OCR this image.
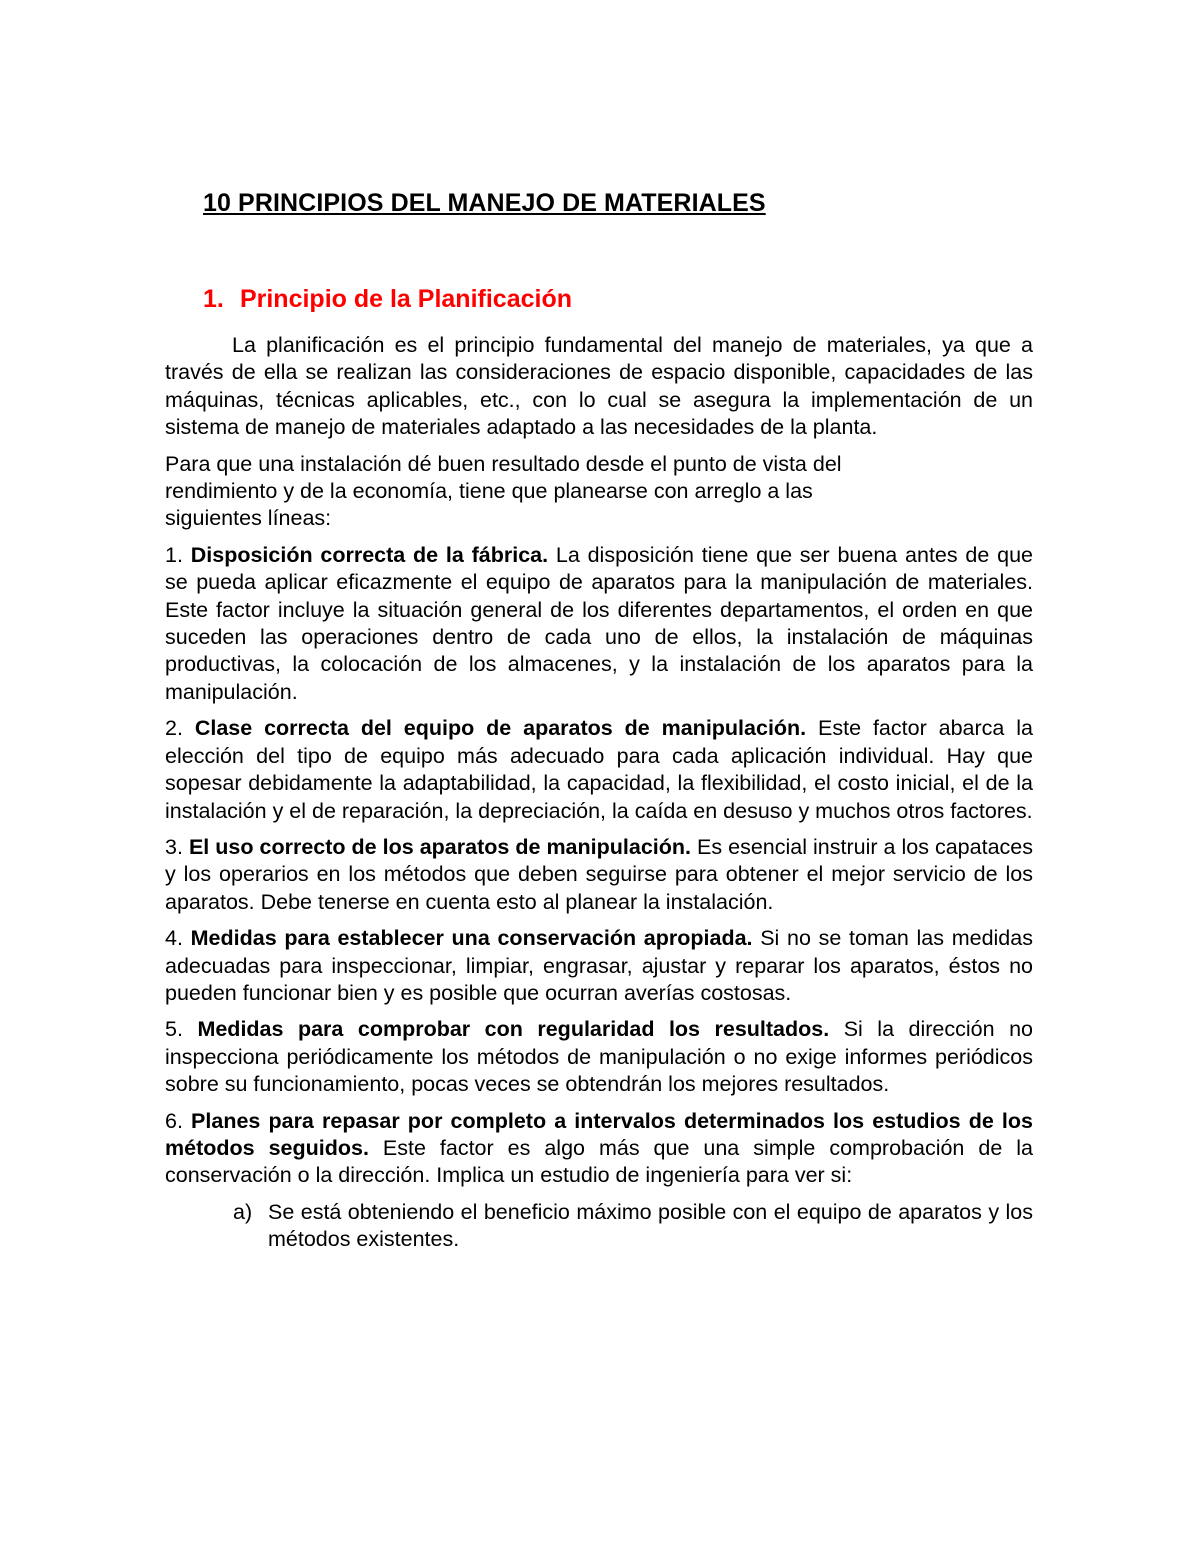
10 PRINCIPIOS DEL MANEJO DE MATERIALES
1. Principio de la Planificación

La planificación es el principio fundamental del manejo de materiales, ya que a través de ella se realizan las consideraciones de espacio disponible, capacidades de las máquinas, técnicas aplicables, etc., con lo cual se asegura la implementación de un sistema de manejo de materiales adaptado a las necesidades de la planta.

Para que una instalación dé buen resultado desde el punto de vista del rendimiento y de la economía, tiene que planearse con arreglo a las siguientes líneas:

1. Disposición correcta de la fábrica. La disposición tiene que ser buena antes de que se pueda aplicar eficazmente el equipo de aparatos para la manipulación de materiales. Este factor incluye la situación general de los diferentes departamentos, el orden en que suceden las operaciones dentro de cada uno de ellos, la instalación de máquinas productivas, la colocación de los almacenes, y la instalación de los aparatos para la manipulación.

2. Clase correcta del equipo de aparatos de manipulación. Este factor abarca la elección del tipo de equipo más adecuado para cada aplicación individual. Hay que sopesar debidamente la adaptabilidad, la capacidad, la flexibilidad, el costo inicial, el de la instalación y el de reparación, la depreciación, la caída en desuso y muchos otros factores.

3. El uso correcto de los aparatos de manipulación. Es esencial instruir a los capataces y los operarios en los métodos que deben seguirse para obtener el mejor servicio de los aparatos. Debe tenerse en cuenta esto al planear la instalación.

4. Medidas para establecer una conservación apropiada. Si no se toman las medidas adecuadas para inspeccionar, limpiar, engrasar, ajustar y reparar los aparatos, éstos no pueden funcionar bien y es posible que ocurran averías costosas.

5. Medidas para comprobar con regularidad los resultados. Si la dirección no inspecciona periódicamente los métodos de manipulación o no exige informes periódicos sobre su funcionamiento, pocas veces se obtendrán los mejores resultados.

6. Planes para repasar por completo a intervalos determinados los estudios de los métodos seguidos. Este factor es algo más que una simple comprobación de la conservación o la dirección. Implica un estudio de ingeniería para ver si:

a) Se está obteniendo el beneficio máximo posible con el equipo de aparatos y los métodos existentes.
